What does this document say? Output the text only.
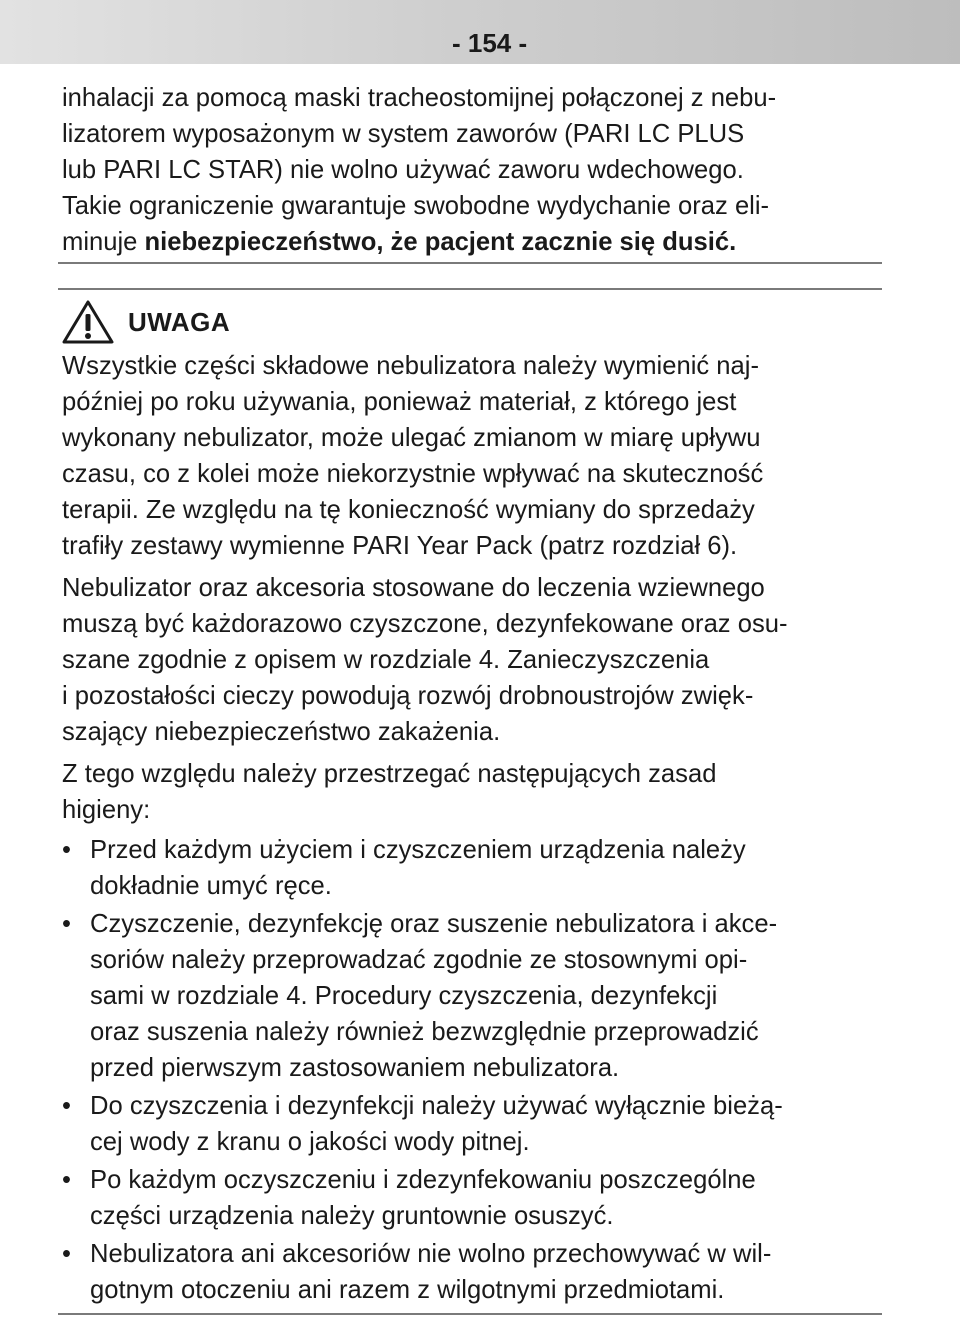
- 154 -

inhalacji za pomocą maski tracheostomijnej połączonej z nebu-

lizatorem wyposażonym w system zaworów (PARI LC PLUS

lub PARI LC STAR) nie wolno używać zaworu wdechowego.

Takie ograniczenie gwarantuje swobodne wydychanie oraz eli-

minuje niebezpieczeństwo, że pacjent zacznie się dusić.

UWAGA

Wszystkie części składowe nebulizatora należy wymienić naj-

później po roku używania, ponieważ materiał, z którego jest

wykonany nebulizator, może ulegać zmianom w miarę upływu

czasu, co z kolei może niekorzystnie wpływać na skuteczność

terapii. Ze względu na tę konieczność wymiany do sprzedaży

trafiły zestawy wymienne PARI Year Pack (patrz rozdział 6).

Nebulizator oraz akcesoria stosowane do leczenia wziewnego

muszą być każdorazowo czyszczone, dezynfekowane oraz osu-

szane zgodnie z opisem w rozdziale 4. Zanieczyszczenia

i pozostałości cieczy powodują rozwój drobnoustrojów zwięk-

szający niebezpieczeństwo zakażenia.

Z tego względu należy przestrzegać następujących zasad

higieny:

• Przed każdym użyciem i czyszczeniem urządzenia należy
dokładnie umyć ręce.
• Czyszczenie, dezynfekcję oraz suszenie nebulizatora i akce-
soriów należy przeprowadzać zgodnie ze stosownymi opi-
sami w rozdziale 4. Procedury czyszczenia, dezynfekcji
oraz suszenia należy również bezwzględnie przeprowadzić
przed pierwszym zastosowaniem nebulizatora.
• Do czyszczenia i dezynfekcji należy używać wyłącznie bieżą-
cej wody z kranu o jakości wody pitnej.
• Po każdym oczyszczeniu i zdezynfekowaniu poszczególne
części urządzenia należy gruntownie osuszyć.
• Nebulizatora ani akcesoriów nie wolno przechowywać w wil-
gotnym otoczeniu ani razem z wilgotnymi przedmiotami.
